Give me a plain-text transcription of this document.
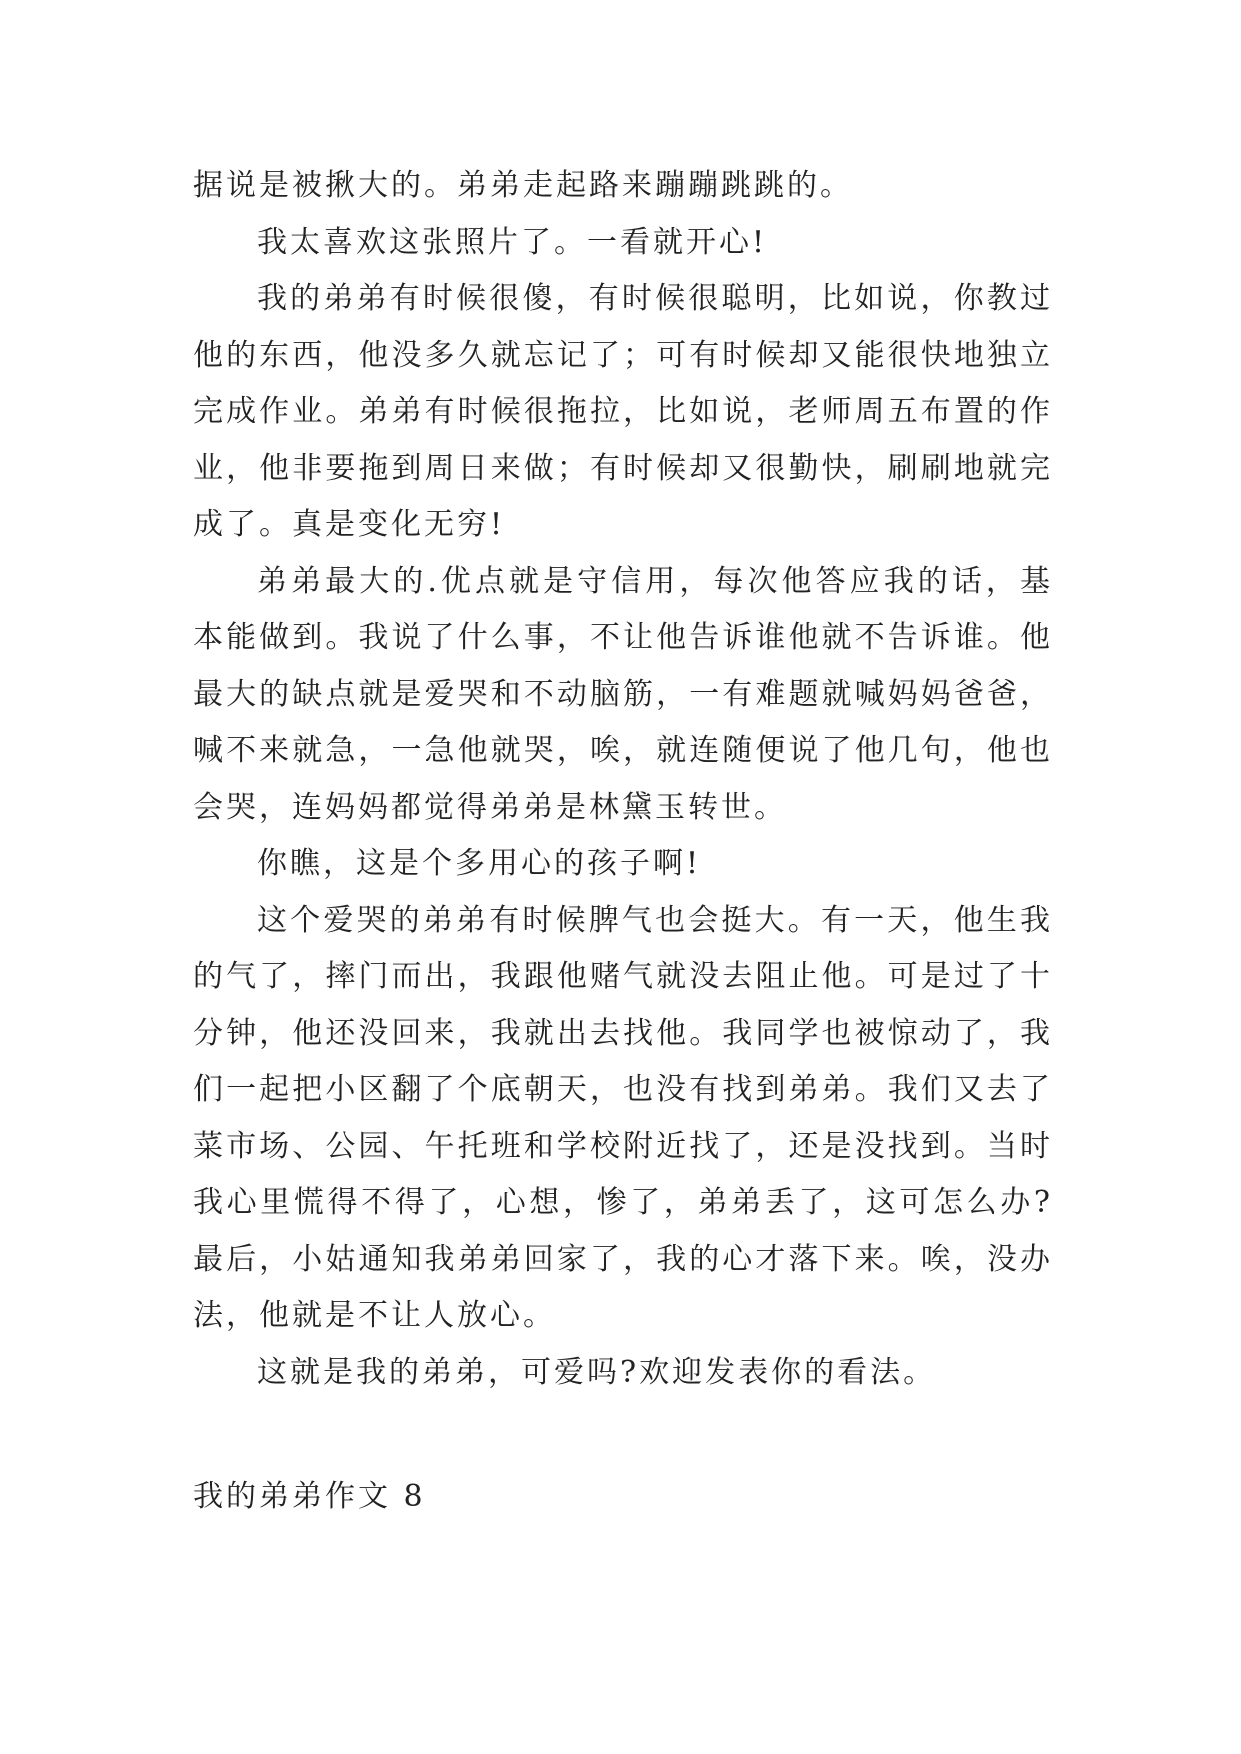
据说是被揪大的。弟弟走起路来蹦蹦跳跳的。

我太喜欢这张照片了。一看就开心!

我的弟弟有时候很傻，有时候很聪明，比如说，你教过他的东西，他没多久就忘记了；可有时候却又能很快地独立完成作业。弟弟有时候很拖拉，比如说，老师周五布置的作业，他非要拖到周日来做；有时候却又很勤快，刷刷地就完成了。真是变化无穷!

弟弟最大的.优点就是守信用，每次他答应我的话，基本能做到。我说了什么事，不让他告诉谁他就不告诉谁。他最大的缺点就是爱哭和不动脑筋，一有难题就喊妈妈爸爸，喊不来就急，一急他就哭，唉，就连随便说了他几句，他也会哭，连妈妈都觉得弟弟是林黛玉转世。

你瞧，这是个多用心的孩子啊!

这个爱哭的弟弟有时候脾气也会挺大。有一天，他生我的气了，摔门而出，我跟他赌气就没去阻止他。可是过了十分钟，他还没回来，我就出去找他。我同学也被惊动了，我们一起把小区翻了个底朝天，也没有找到弟弟。我们又去了菜市场、公园、午托班和学校附近找了，还是没找到。当时我心里慌得不得了，心想，惨了，弟弟丢了，这可怎么办?最后，小姑通知我弟弟回家了，我的心才落下来。唉，没办法，他就是不让人放心。

这就是我的弟弟，可爱吗?欢迎发表你的看法。

我的弟弟作文 8
